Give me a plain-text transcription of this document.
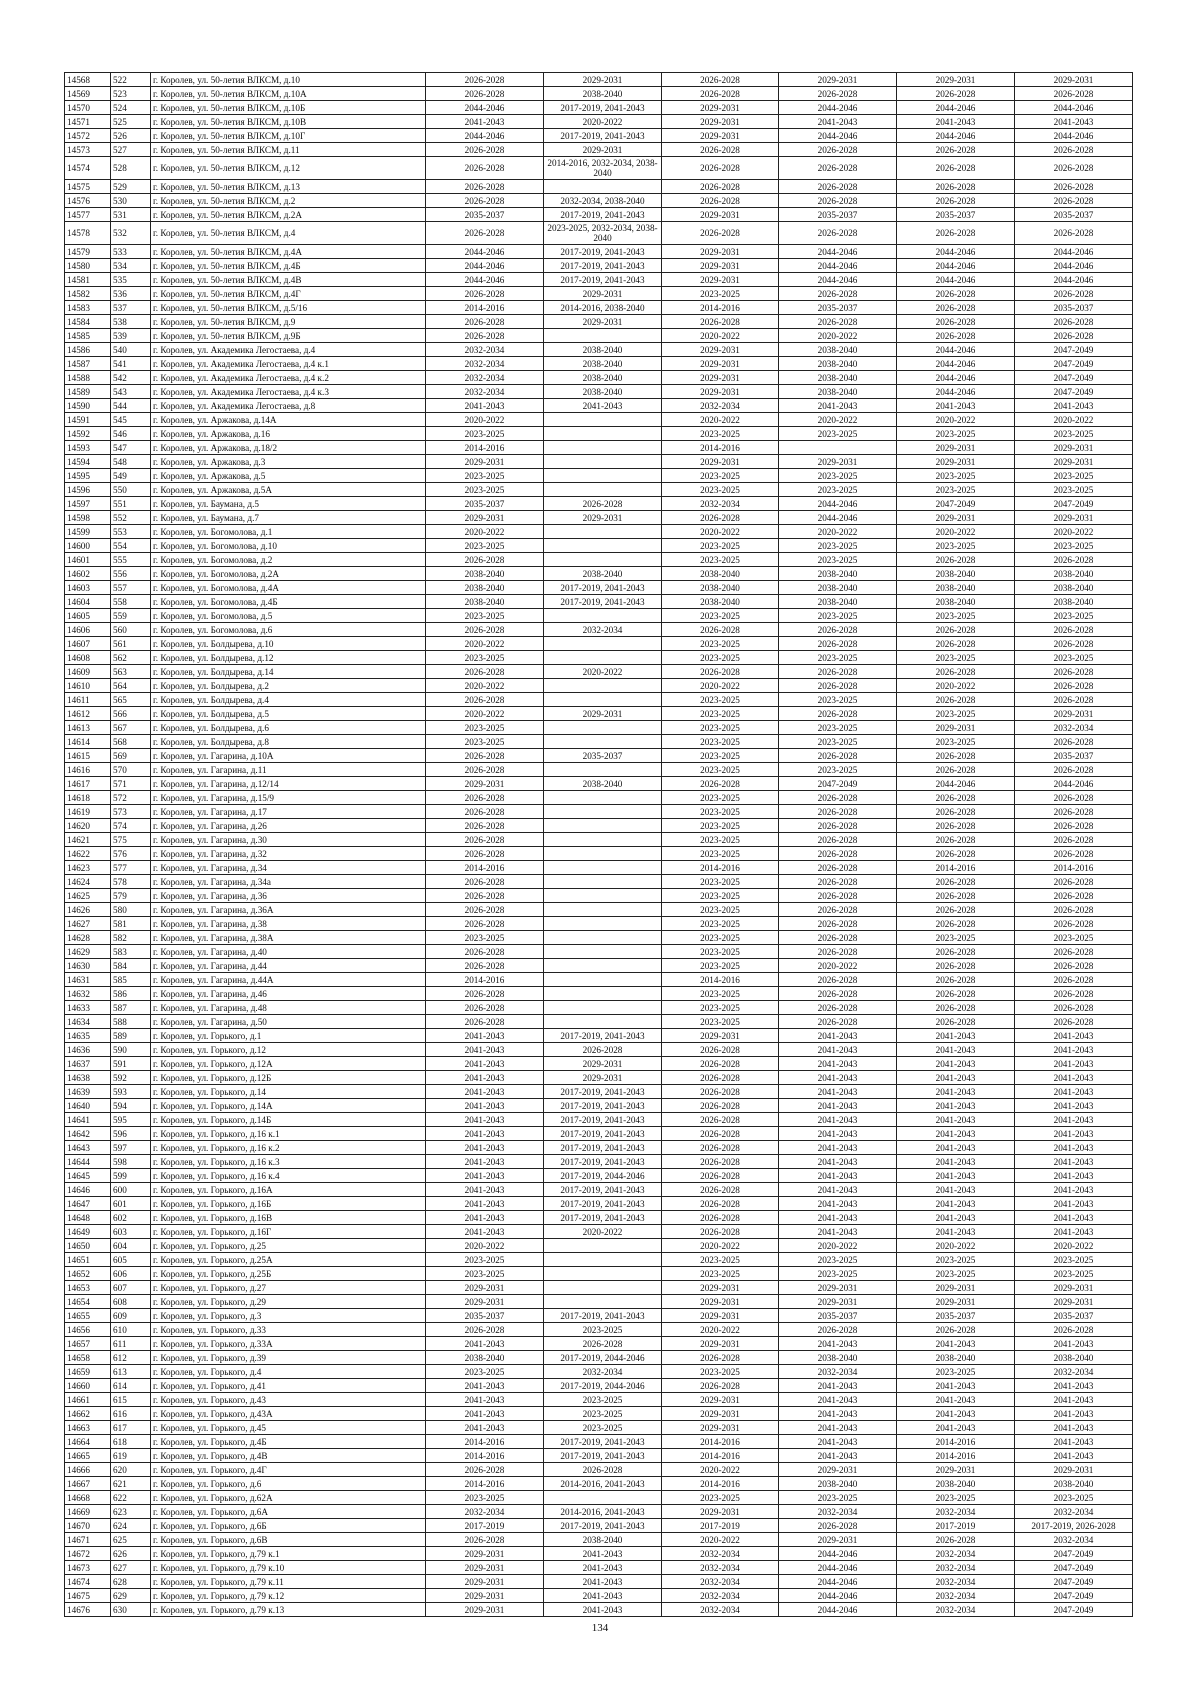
14568	522	г. Королев, ул. 50-летия ВЛКСМ, д.10	2026-2028	2029-2031	2026-2028	2029-2031	2029-2031	2029-2031
14569	523	г. Королев, ул. 50-летия ВЛКСМ, д.10А	2026-2028	2038-2040	2026-2028	2026-2028	2026-2028	2026-2028
14570	524	г. Королев, ул. 50-летия ВЛКСМ, д.10Б	2044-2046	2017-2019, 2041-2043	2029-2031	2044-2046	2044-2046	2044-2046
14571	525	г. Королев, ул. 50-летия ВЛКСМ, д.10В	2041-2043	2020-2022	2029-2031	2041-2043	2041-2043	2041-2043
14572	526	г. Королев, ул. 50-летия ВЛКСМ, д.10Г	2044-2046	2017-2019, 2041-2043	2029-2031	2044-2046	2044-2046	2044-2046
14573	527	г. Королев, ул. 50-летия ВЛКСМ, д.11	2026-2028	2029-2031	2026-2028	2026-2028	2026-2028	2026-2028
14574	528	г. Королев, ул. 50-летия ВЛКСМ, д.12	2026-2028	2014-2016, 2032-2034, 2038-2040	2026-2028	2026-2028	2026-2028	2026-2028
14575	529	г. Королев, ул. 50-летия ВЛКСМ, д.13	2026-2028		2026-2028	2026-2028	2026-2028	2026-2028
14576	530	г. Королев, ул. 50-летия ВЛКСМ, д.2	2026-2028	2032-2034, 2038-2040	2026-2028	2026-2028	2026-2028	2026-2028
14577	531	г. Королев, ул. 50-летия ВЛКСМ, д.2А	2035-2037	2017-2019, 2041-2043	2029-2031	2035-2037	2035-2037	2035-2037
14578	532	г. Королев, ул. 50-летия ВЛКСМ, д.4	2026-2028	2023-2025, 2032-2034, 2038-2040	2026-2028	2026-2028	2026-2028	2026-2028
14579	533	г. Королев, ул. 50-летия ВЛКСМ, д.4А	2044-2046	2017-2019, 2041-2043	2029-2031	2044-2046	2044-2046	2044-2046
14580	534	г. Королев, ул. 50-летия ВЛКСМ, д.4Б	2044-2046	2017-2019, 2041-2043	2029-2031	2044-2046	2044-2046	2044-2046
14581	535	г. Королев, ул. 50-летия ВЛКСМ, д.4В	2044-2046	2017-2019, 2041-2043	2029-2031	2044-2046	2044-2046	2044-2046
14582	536	г. Королев, ул. 50-летия ВЛКСМ, д.4Г	2026-2028	2029-2031	2023-2025	2026-2028	2026-2028	2026-2028
14583	537	г. Королев, ул. 50-летия ВЛКСМ, д.5/16	2014-2016	2014-2016, 2038-2040	2014-2016	2035-2037	2026-2028	2035-2037
14584	538	г. Королев, ул. 50-летия ВЛКСМ, д.9	2026-2028	2029-2031	2026-2028	2026-2028	2026-2028	2026-2028
14585	539	г. Королев, ул. 50-летия ВЛКСМ, д.9Б	2026-2028		2020-2022	2020-2022	2026-2028	2026-2028
14586	540	г. Королев, ул. Академика Легостаева, д.4	2032-2034	2038-2040	2029-2031	2038-2040	2044-2046	2047-2049
14587	541	г. Королев, ул. Академика Легостаева, д.4 к.1	2032-2034	2038-2040	2029-2031	2038-2040	2044-2046	2047-2049
14588	542	г. Королев, ул. Академика Легостаева, д.4 к.2	2032-2034	2038-2040	2029-2031	2038-2040	2044-2046	2047-2049
14589	543	г. Королев, ул. Академика Легостаева, д.4 к.3	2032-2034	2038-2040	2029-2031	2038-2040	2044-2046	2047-2049
14590	544	г. Королев, ул. Академика Легостаева, д.8	2041-2043	2041-2043	2032-2034	2041-2043	2041-2043	2041-2043
14591	545	г. Королев, ул. Аржакова, д.14А	2020-2022		2020-2022	2020-2022	2020-2022	2020-2022
14592	546	г. Королев, ул. Аржакова, д.16	2023-2025		2023-2025	2023-2025	2023-2025	2023-2025
14593	547	г. Королев, ул. Аржакова, д.18/2	2014-2016		2014-2016		2029-2031	2029-2031
14594	548	г. Королев, ул. Аржакова, д.3	2029-2031		2029-2031	2029-2031	2029-2031	2029-2031
14595	549	г. Королев, ул. Аржакова, д.5	2023-2025		2023-2025	2023-2025	2023-2025	2023-2025
14596	550	г. Королев, ул. Аржакова, д.5А	2023-2025		2023-2025	2023-2025	2023-2025	2023-2025
14597	551	г. Королев, ул. Баумана, д.5	2035-2037	2026-2028	2032-2034	2044-2046	2047-2049	2047-2049
14598	552	г. Королев, ул. Баумана, д.7	2029-2031	2029-2031	2026-2028	2044-2046	2029-2031	2029-2031
14599	553	г. Королев, ул. Богомолова, д.1	2020-2022		2020-2022	2020-2022	2020-2022	2020-2022
14600	554	г. Королев, ул. Богомолова, д.10	2023-2025		2023-2025	2023-2025	2023-2025	2023-2025
14601	555	г. Королев, ул. Богомолова, д.2	2026-2028		2023-2025	2023-2025	2026-2028	2026-2028
14602	556	г. Королев, ул. Богомолова, д.2А	2038-2040	2038-2040	2038-2040	2038-2040	2038-2040	2038-2040
14603	557	г. Королев, ул. Богомолова, д.4А	2038-2040	2017-2019, 2041-2043	2038-2040	2038-2040	2038-2040	2038-2040
14604	558	г. Королев, ул. Богомолова, д.4Б	2038-2040	2017-2019, 2041-2043	2038-2040	2038-2040	2038-2040	2038-2040
14605	559	г. Королев, ул. Богомолова, д.5	2023-2025		2023-2025	2023-2025	2023-2025	2023-2025
14606	560	г. Королев, ул. Богомолова, д.6	2026-2028	2032-2034	2026-2028	2026-2028	2026-2028	2026-2028
14607	561	г. Королев, ул. Болдырева, д.10	2020-2022		2023-2025	2026-2028	2026-2028	2026-2028
14608	562	г. Королев, ул. Болдырева, д.12	2023-2025		2023-2025	2023-2025	2023-2025	2023-2025
14609	563	г. Королев, ул. Болдырева, д.14	2026-2028	2020-2022	2026-2028	2026-2028	2026-2028	2026-2028
14610	564	г. Королев, ул. Болдырева, д.2	2020-2022		2020-2022	2026-2028	2020-2022	2026-2028
14611	565	г. Королев, ул. Болдырева, д.4	2026-2028		2023-2025	2023-2025	2026-2028	2026-2028
14612	566	г. Королев, ул. Болдырева, д.5	2020-2022	2029-2031	2023-2025	2026-2028	2023-2025	2029-2031
14613	567	г. Королев, ул. Болдырева, д.6	2023-2025		2023-2025	2023-2025	2029-2031	2032-2034
14614	568	г. Королев, ул. Болдырева, д.8	2023-2025		2023-2025	2023-2025	2023-2025	2026-2028
14615	569	г. Королев, ул. Гагарина, д.10А	2026-2028	2035-2037	2023-2025	2026-2028	2026-2028	2035-2037
14616	570	г. Королев, ул. Гагарина, д.11	2026-2028		2023-2025	2023-2025	2026-2028	2026-2028
14617	571	г. Королев, ул. Гагарина, д.12/14	2029-2031	2038-2040	2026-2028	2047-2049	2044-2046	2044-2046
14618	572	г. Королев, ул. Гагарина, д.15/9	2026-2028		2023-2025	2026-2028	2026-2028	2026-2028
14619	573	г. Королев, ул. Гагарина, д.17	2026-2028		2023-2025	2026-2028	2026-2028	2026-2028
14620	574	г. Королев, ул. Гагарина, д.26	2026-2028		2023-2025	2026-2028	2026-2028	2026-2028
14621	575	г. Королев, ул. Гагарина, д.30	2026-2028		2023-2025	2026-2028	2026-2028	2026-2028
14622	576	г. Королев, ул. Гагарина, д.32	2026-2028		2023-2025	2026-2028	2026-2028	2026-2028
14623	577	г. Королев, ул. Гагарина, д.34	2014-2016		2014-2016	2026-2028	2014-2016	2014-2016
14624	578	г. Королев, ул. Гагарина, д.34а	2026-2028		2023-2025	2026-2028	2026-2028	2026-2028
14625	579	г. Королев, ул. Гагарина, д.36	2026-2028		2023-2025	2026-2028	2026-2028	2026-2028
14626	580	г. Королев, ул. Гагарина, д.36А	2026-2028		2023-2025	2026-2028	2026-2028	2026-2028
14627	581	г. Королев, ул. Гагарина, д.38	2026-2028		2023-2025	2026-2028	2026-2028	2026-2028
14628	582	г. Королев, ул. Гагарина, д.38А	2023-2025		2023-2025	2026-2028	2023-2025	2023-2025
14629	583	г. Королев, ул. Гагарина, д.40	2026-2028		2023-2025	2026-2028	2026-2028	2026-2028
14630	584	г. Королев, ул. Гагарина, д.44	2026-2028		2023-2025	2020-2022	2026-2028	2026-2028
14631	585	г. Королев, ул. Гагарина, д.44А	2014-2016		2014-2016	2026-2028	2026-2028	2026-2028
14632	586	г. Королев, ул. Гагарина, д.46	2026-2028		2023-2025	2026-2028	2026-2028	2026-2028
14633	587	г. Королев, ул. Гагарина, д.48	2026-2028		2023-2025	2026-2028	2026-2028	2026-2028
14634	588	г. Королев, ул. Гагарина, д.50	2026-2028		2023-2025	2026-2028	2026-2028	2026-2028
14635	589	г. Королев, ул. Горького, д.1	2041-2043	2017-2019, 2041-2043	2029-2031	2041-2043	2041-2043	2041-2043
14636	590	г. Королев, ул. Горького, д.12	2041-2043	2026-2028	2026-2028	2041-2043	2041-2043	2041-2043
14637	591	г. Королев, ул. Горького, д.12А	2041-2043	2029-2031	2026-2028	2041-2043	2041-2043	2041-2043
14638	592	г. Королев, ул. Горького, д.12Б	2041-2043	2029-2031	2026-2028	2041-2043	2041-2043	2041-2043
14639	593	г. Королев, ул. Горького, д.14	2041-2043	2017-2019, 2041-2043	2026-2028	2041-2043	2041-2043	2041-2043
14640	594	г. Королев, ул. Горького, д.14А	2041-2043	2017-2019, 2041-2043	2026-2028	2041-2043	2041-2043	2041-2043
14641	595	г. Королев, ул. Горького, д.14Б	2041-2043	2017-2019, 2041-2043	2026-2028	2041-2043	2041-2043	2041-2043
14642	596	г. Королев, ул. Горького, д.16 к.1	2041-2043	2017-2019, 2041-2043	2026-2028	2041-2043	2041-2043	2041-2043
14643	597	г. Королев, ул. Горького, д.16 к.2	2041-2043	2017-2019, 2041-2043	2026-2028	2041-2043	2041-2043	2041-2043
14644	598	г. Королев, ул. Горького, д.16 к.3	2041-2043	2017-2019, 2041-2043	2026-2028	2041-2043	2041-2043	2041-2043
14645	599	г. Королев, ул. Горького, д.16 к.4	2041-2043	2017-2019, 2044-2046	2026-2028	2041-2043	2041-2043	2041-2043
14646	600	г. Королев, ул. Горького, д.16А	2041-2043	2017-2019, 2041-2043	2026-2028	2041-2043	2041-2043	2041-2043
14647	601	г. Королев, ул. Горького, д.16Б	2041-2043	2017-2019, 2041-2043	2026-2028	2041-2043	2041-2043	2041-2043
14648	602	г. Королев, ул. Горького, д.16В	2041-2043	2017-2019, 2041-2043	2026-2028	2041-2043	2041-2043	2041-2043
14649	603	г. Королев, ул. Горького, д.16Г	2041-2043	2020-2022	2026-2028	2041-2043	2041-2043	2041-2043
14650	604	г. Королев, ул. Горького, д.25	2020-2022		2020-2022	2020-2022	2020-2022	2020-2022
14651	605	г. Королев, ул. Горького, д.25А	2023-2025		2023-2025	2023-2025	2023-2025	2023-2025
14652	606	г. Королев, ул. Горького, д.25Б	2023-2025		2023-2025	2023-2025	2023-2025	2023-2025
14653	607	г. Королев, ул. Горького, д.27	2029-2031		2029-2031	2029-2031	2029-2031	2029-2031
14654	608	г. Королев, ул. Горького, д.29	2029-2031		2029-2031	2029-2031	2029-2031	2029-2031
14655	609	г. Королев, ул. Горького, д.3	2035-2037	2017-2019, 2041-2043	2029-2031	2035-2037	2035-2037	2035-2037
14656	610	г. Королев, ул. Горького, д.33	2026-2028	2023-2025	2020-2022	2026-2028	2026-2028	2026-2028
14657	611	г. Королев, ул. Горького, д.33А	2041-2043	2026-2028	2029-2031	2041-2043	2041-2043	2041-2043
14658	612	г. Королев, ул. Горького, д.39	2038-2040	2017-2019, 2044-2046	2026-2028	2038-2040	2038-2040	2038-2040
14659	613	г. Королев, ул. Горького, д.4	2023-2025	2032-2034	2023-2025	2032-2034	2023-2025	2032-2034
14660	614	г. Королев, ул. Горького, д.41	2041-2043	2017-2019, 2044-2046	2026-2028	2041-2043	2041-2043	2041-2043
14661	615	г. Королев, ул. Горького, д.43	2041-2043	2023-2025	2029-2031	2041-2043	2041-2043	2041-2043
14662	616	г. Королев, ул. Горького, д.43А	2041-2043	2023-2025	2029-2031	2041-2043	2041-2043	2041-2043
14663	617	г. Королев, ул. Горького, д.45	2041-2043	2023-2025	2029-2031	2041-2043	2041-2043	2041-2043
14664	618	г. Королев, ул. Горького, д.4Б	2014-2016	2017-2019, 2041-2043	2014-2016	2041-2043	2014-2016	2041-2043
14665	619	г. Королев, ул. Горького, д.4В	2014-2016	2017-2019, 2041-2043	2014-2016	2041-2043	2014-2016	2041-2043
14666	620	г. Королев, ул. Горького, д.4Г	2026-2028	2026-2028	2020-2022	2029-2031	2029-2031	2029-2031
14667	621	г. Королев, ул. Горького, д.6	2014-2016	2014-2016, 2041-2043	2014-2016	2038-2040	2038-2040	2038-2040
14668	622	г. Королев, ул. Горького, д.62А	2023-2025		2023-2025	2023-2025	2023-2025	2023-2025
14669	623	г. Королев, ул. Горького, д.6А	2032-2034	2014-2016, 2041-2043	2029-2031	2032-2034	2032-2034	2032-2034
14670	624	г. Королев, ул. Горького, д.6Б	2017-2019	2017-2019, 2041-2043	2017-2019	2026-2028	2017-2019	2017-2019, 2026-2028
14671	625	г. Королев, ул. Горького, д.6В	2026-2028	2038-2040	2020-2022	2029-2031	2026-2028	2032-2034
14672	626	г. Королев, ул. Горького, д.79 к.1	2029-2031	2041-2043	2032-2034	2044-2046	2032-2034	2047-2049
14673	627	г. Королев, ул. Горького, д.79 к.10	2029-2031	2041-2043	2032-2034	2044-2046	2032-2034	2047-2049
14674	628	г. Королев, ул. Горького, д.79 к.11	2029-2031	2041-2043	2032-2034	2044-2046	2032-2034	2047-2049
14675	629	г. Королев, ул. Горького, д.79 к.12	2029-2031	2041-2043	2032-2034	2044-2046	2032-2034	2047-2049
14676	630	г. Королев, ул. Горького, д.79 к.13	2029-2031	2041-2043	2032-2034	2044-2046	2032-2034	2047-2049
134
